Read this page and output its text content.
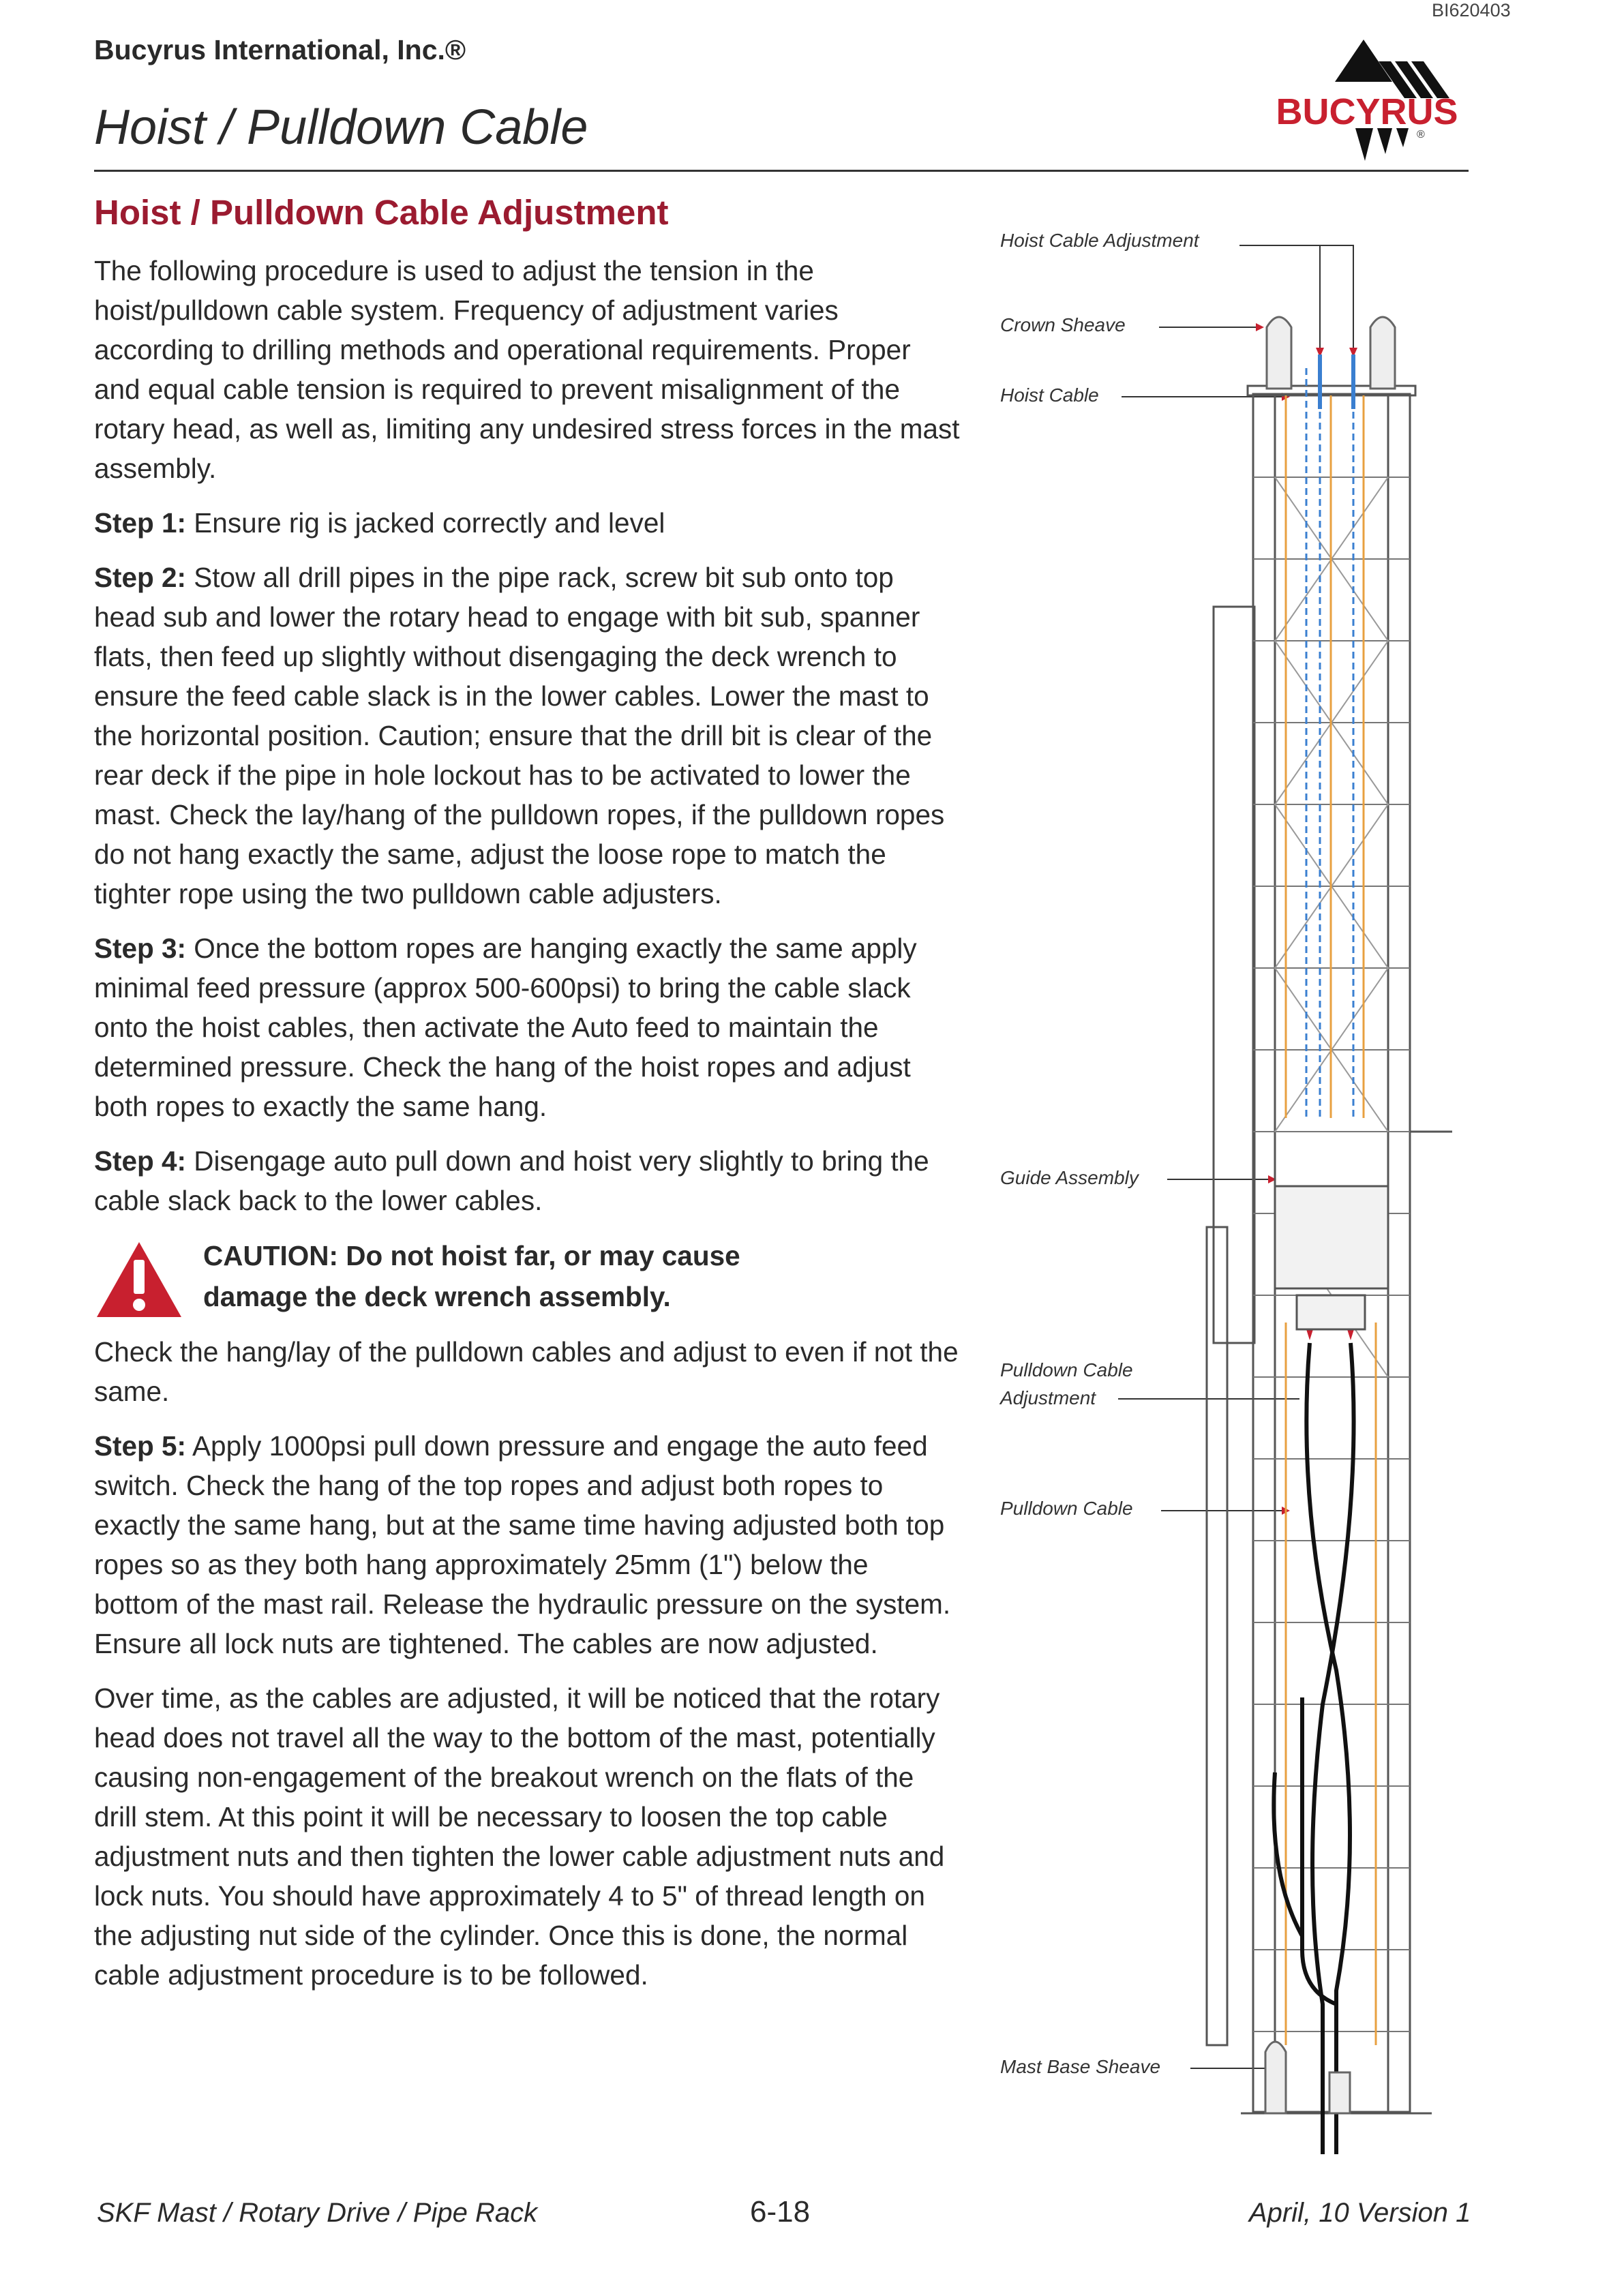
BI620403
Bucyrus International, Inc.®
Hoist / Pulldown Cable	BUCYRUS
®
Hoist / Pulldown Cable Adjustment

The following procedure is used to adjust the tension in the hoist/pulldown cable system. Frequency of adjustment varies according to drilling methods and operational requirements. Proper and equal cable tension is required to prevent misalignment of the rotary head, as well as, limiting any undesired stress forces in the mast assembly.

Step 1: Ensure rig is jacked correctly and level

Step 2: Stow all drill pipes in the pipe rack, screw bit sub onto top head sub and lower the rotary head to engage with bit sub, spanner flats, then feed up slightly without disengaging the deck wrench to ensure the feed cable slack is in the lower cables. Lower the mast to the horizontal position. Caution; ensure that the drill bit is clear of the rear deck if the pipe in hole lockout has to be activated to lower the mast. Check the lay/hang of the pulldown ropes, if the pulldown ropes do not hang exactly the same, adjust the loose rope to match the tighter rope using the two pulldown cable adjusters.

Step 3: Once the bottom ropes are hanging exactly the same apply minimal feed pressure (approx 500-600psi) to bring the cable slack onto the hoist cables, then activate the Auto feed to maintain the determined pressure. Check the hang of the hoist ropes and adjust both ropes to exactly the same hang.

Step 4: Disengage auto pull down and hoist very slightly to bring the cable slack back to the lower cables.

CAUTION: Do not hoist far, or may cause
damage the deck wrench assembly.

Check the hang/lay of the pulldown cables and adjust to even if not the same.

Step 5: Apply 1000psi pull down pressure and engage the auto feed switch. Check the hang of the top ropes and adjust both ropes to exactly the same hang, but at the same time having adjusted both top ropes so as they both hang approximately 25mm (1") below the bottom of the mast rail. Release the hydraulic pressure on the system. Ensure all lock nuts are tightened. The cables are now adjusted.

Over time, as the cables are adjusted, it will be noticed that the rotary head does not travel all the way to the bottom of the mast, potentially causing non-engagement of the breakout wrench on the flats of the drill stem. At this point it will be necessary to loosen the top cable adjustment nuts and then tighten the lower cable adjustment nuts and lock nuts. You should have approximately 4 to 5" of thread length on the adjusting nut side of the cylinder. Once this is done, the normal cable adjustment procedure is to be followed.

Hoist Cable Adjustment
Crown Sheave
Hoist Cable
Guide Assembly
Pulldown Cable
Adjustment
Pulldown Cable
Mast Base Sheave
SKF Mast / Rotary Drive / Pipe Rack	6-18	April, 10 Version 1
